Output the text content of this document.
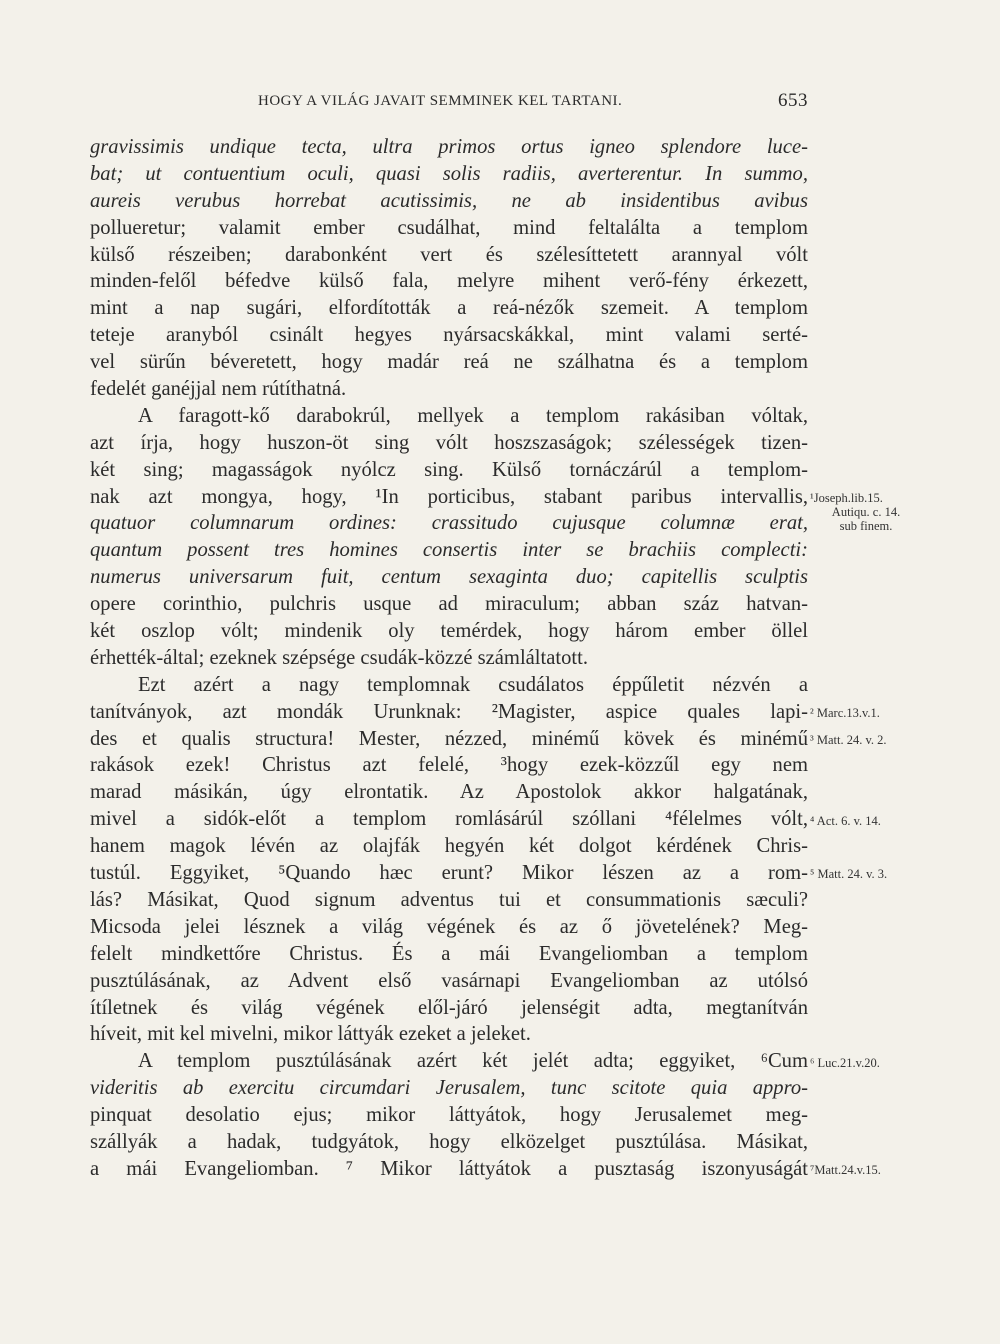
HOGY A VILÁG JAVAIT SEMMINEK KEL TARTANI.	653
gravissimis undique tecta, ultra primos ortus igneo splendore luce-
bat; ut contuentium oculi, quasi solis radiis, averterentur. In summo,
aureis verubus horrebat acutissimis, ne ab insidentibus avibus
pollueretur; valamit ember csudálhat, mind feltalálta a templom
külső részeiben; darabonként vert és szélesíttetett arannyal vólt
minden-felől béfedve külső fala, melyre mihent verő-fény érkezett,
mint a nap sugári, elfordították a reá-nézők szemeit. A templom
teteje aranyból csinált hegyes nyársacskákkal, mint valami serté-
vel sürűn béveretett, hogy madár reá ne szálhatna és a templom
fedelét ganéjjal nem rútíthatná.
A faragott-kő darabokrúl, mellyek a templom rakásiban vóltak,
azt írja, hogy huszon-öt sing vólt hoszszaságok; szélességek tizen-
két sing; magasságok nyólcz sing. Külső tornáczárúl a templom-
nak azt mongya, hogy, ¹In porticibus, stabant paribus intervallis,
quatuor columnarum ordines: crassitudo cujusque columnæ erat,
quantum possent tres homines consertis inter se brachiis complecti:
numerus universarum fuit, centum sexaginta duo; capitellis sculptis
opere corinthio, pulchris usque ad miraculum; abban száz hatvan-
két oszlop vólt; mindenik oly temérdek, hogy három ember öllel
érhették-által; ezeknek szépsége csudák-közzé számláltatott.
Ezt azért a nagy templomnak csudálatos éppűletit nézvén a
tanítványok, azt mondák Urunknak: ²Magister, aspice quales lapi-
des et qualis structura! Mester, nézzed, minémű kövek és minémű
rakások ezek! Christus azt felelé, ³hogy ezek-közzűl egy nem
marad másikán, úgy elrontatik. Az Apostolok akkor halgatának,
mivel a sidók-előt a templom romlásárúl szóllani ⁴félelmes vólt,
hanem magok lévén az olajfák hegyén két dolgot kérdének Chris-
tustúl. Eggyiket, ⁵Quando hæc erunt? Mikor lészen az a rom-
lás? Másikat, Quod signum adventus tui et consummationis sæculi?
Micsoda jelei lésznek a világ végének és az ő jövetelének? Meg-
felelt mindkettőre Christus. És a mái Evangeliomban a templom
pusztúlásának, az Advent első vasárnapi Evangeliomban az utólsó
ítíletnek és világ végének elől-járó jelenségit adta, megtanítván
híveit, mit kel mivelni, mikor láttyák ezeket a jeleket.
A templom pusztúlásának azért két jelét adta; eggyiket, ⁶Cum
videritis ab exercitu circumdari Jerusalem, tunc scitote quia appro-
pinquat desolatio ejus; mikor láttyátok, hogy Jerusalemet meg-
szállyák a hadak, tudgyátok, hogy elközelget pusztúlása. Másikat,
a mái Evangeliomban. ⁷ Mikor láttyátok a pusztaság iszonyuságát
¹Joseph.lib.15.
Autiqu. c. 14.
sub finem.
² Marc.13.v.1.
³ Matt. 24. v. 2.
⁴ Act. 6. v. 14.
⁵ Matt. 24. v. 3.
⁶ Luc.21.v.20.
⁷Matt.24.v.15.
